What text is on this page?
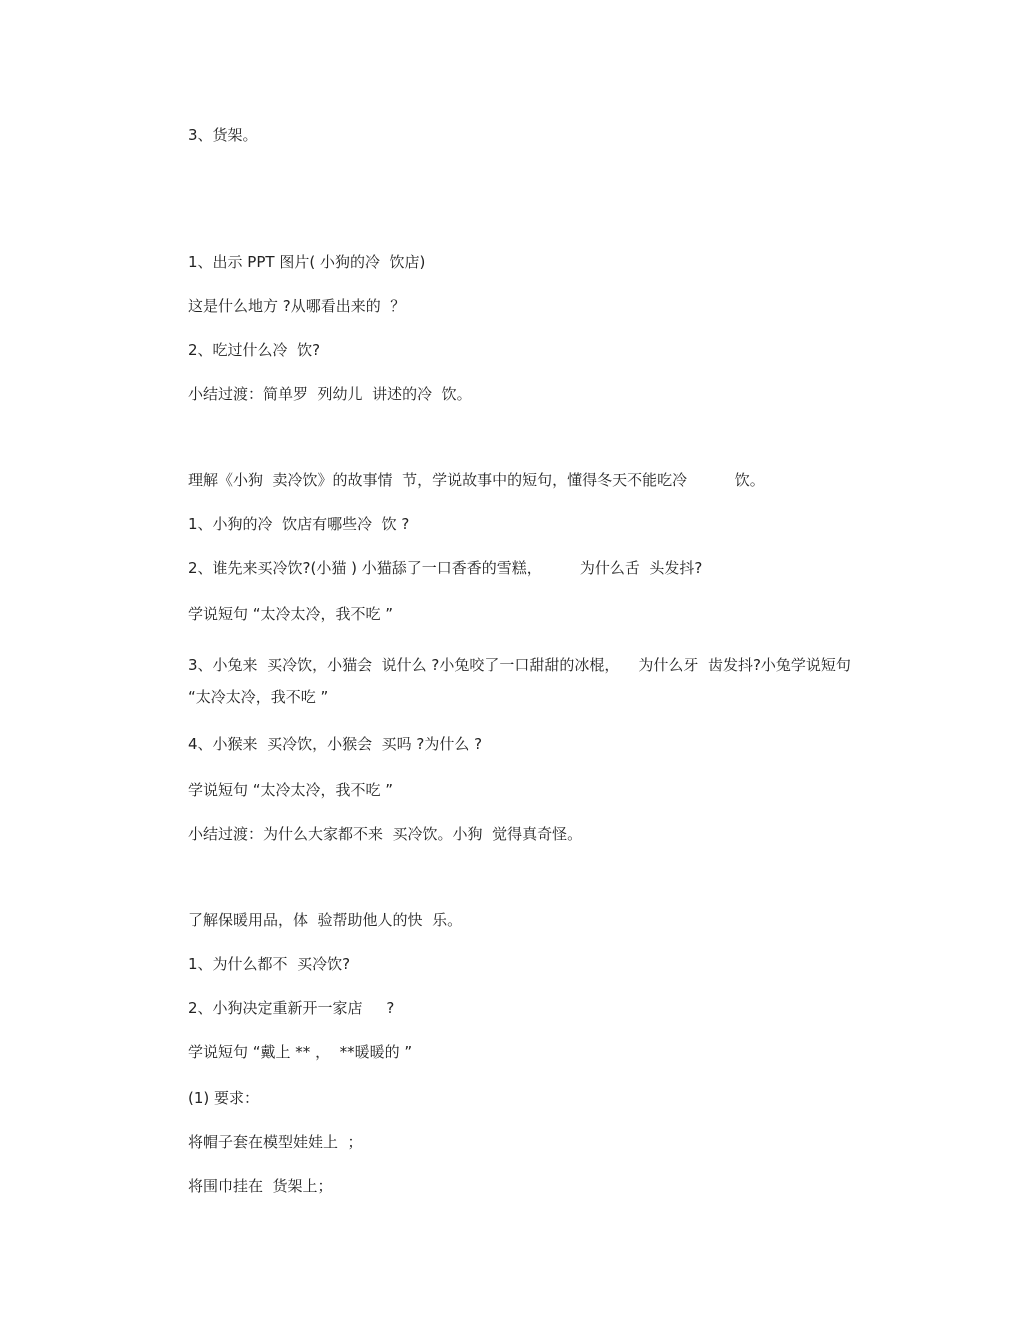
3、货架。
1、出示 PPT 图片( 小狗的冷  饮店)
这是什么地方 ?从哪看出来的  ？
2、吃过什么冷  饮?
小结过渡：简单罗  列幼儿  讲述的冷  饮。
理解《小狗  卖冷饮》的故事情  节，学说故事中的短句，懂得冬天不能吃冷          饮。
1、小狗的冷  饮店有哪些冷  饮 ?
2、谁先来买冷饮?(小猫 ) 小猫舔了一口香香的雪糕，        为什么舌  头发抖?
学说短句 “太冷太冷，我不吃 ”
3、小兔来  买冷饮，小猫会  说什么 ?小兔咬了一口甜甜的冰棍，    为什么牙  齿发抖?小兔学说短句 “太冷太冷，我不吃 ”
4、小猴来  买冷饮，小猴会  买吗 ?为什么 ?
学说短句 “太冷太冷，我不吃 ”
小结过渡：为什么大家都不来  买冷饮。小狗  觉得真奇怪。
了解保暖用品，体  验帮助他人的快  乐。
1、为什么都不  买冷饮?
2、小狗决定重新开一家店     ?
学说短句 “戴上 ** ，  **暖暖的 ”
(1) 要求：
将帽子套在模型娃娃上  ；
将围巾挂在  货架上；
